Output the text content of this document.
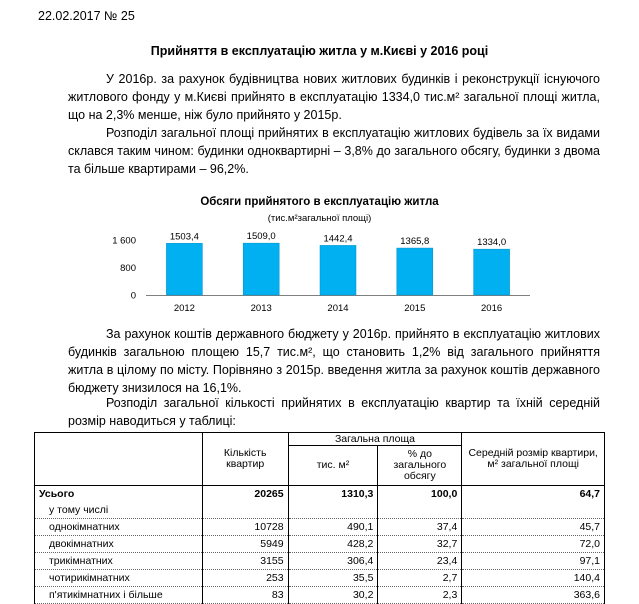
22.02.2017 № 25
Прийняття в експлуатацію житла у м.Києві у 2016 році
У 2016р. за рахунок будівництва нових житлових будинків і реконструкції існуючого житлового фонду у м.Києві прийнято в експлуатацію 1334,0 тис.м² загальної площі житла, що на 2,3% менше, ніж було прийнято у 2015р.
Розподіл загальної площі прийнятих в експлуатацію житлових будівель за їх видами склався таким чином: будинки одноквартирні – 3,8% до загального обсягу, будинки з двома та більше квартирами – 96,2%.
Обсяги прийнятого в експлуатацію житла
(тис.м²загальної площі)
1 600
800
0
1503,4
2012
1509,0
2013
1442,4
2014
1365,8
2015
1334,0
2016
За рахунок коштів державного бюджету у 2016р. прийнято в експлуатацію житлових будинків загальною площею 15,7 тис.м², що становить 1,2% від загального прийняття житла в цілому по місту. Порівняно з 2015р. введення житла за рахунок коштів державного бюджету знизилося на 16,1%.
Розподіл загальної кількості прийнятих в експлуатацію квартир та їхній середній розмір наводиться у таблиці:
	Кількість квартир	Загальна площа		Середній розмір квартири, м² загальної площі
		тис. м²	% до загального обсягу	
Усього	20265	1310,3	100,0	64,7
у тому числі				
однокімнатних	10728	490,1	37,4	45,7
двокімнатних	5949	428,2	32,7	72,0
трикімнатних	3155	306,4	23,4	97,1
чотирикімнатних	253	35,5	2,7	140,4
п'ятикімнатних і більше	83	30,2	2,3	363,6
